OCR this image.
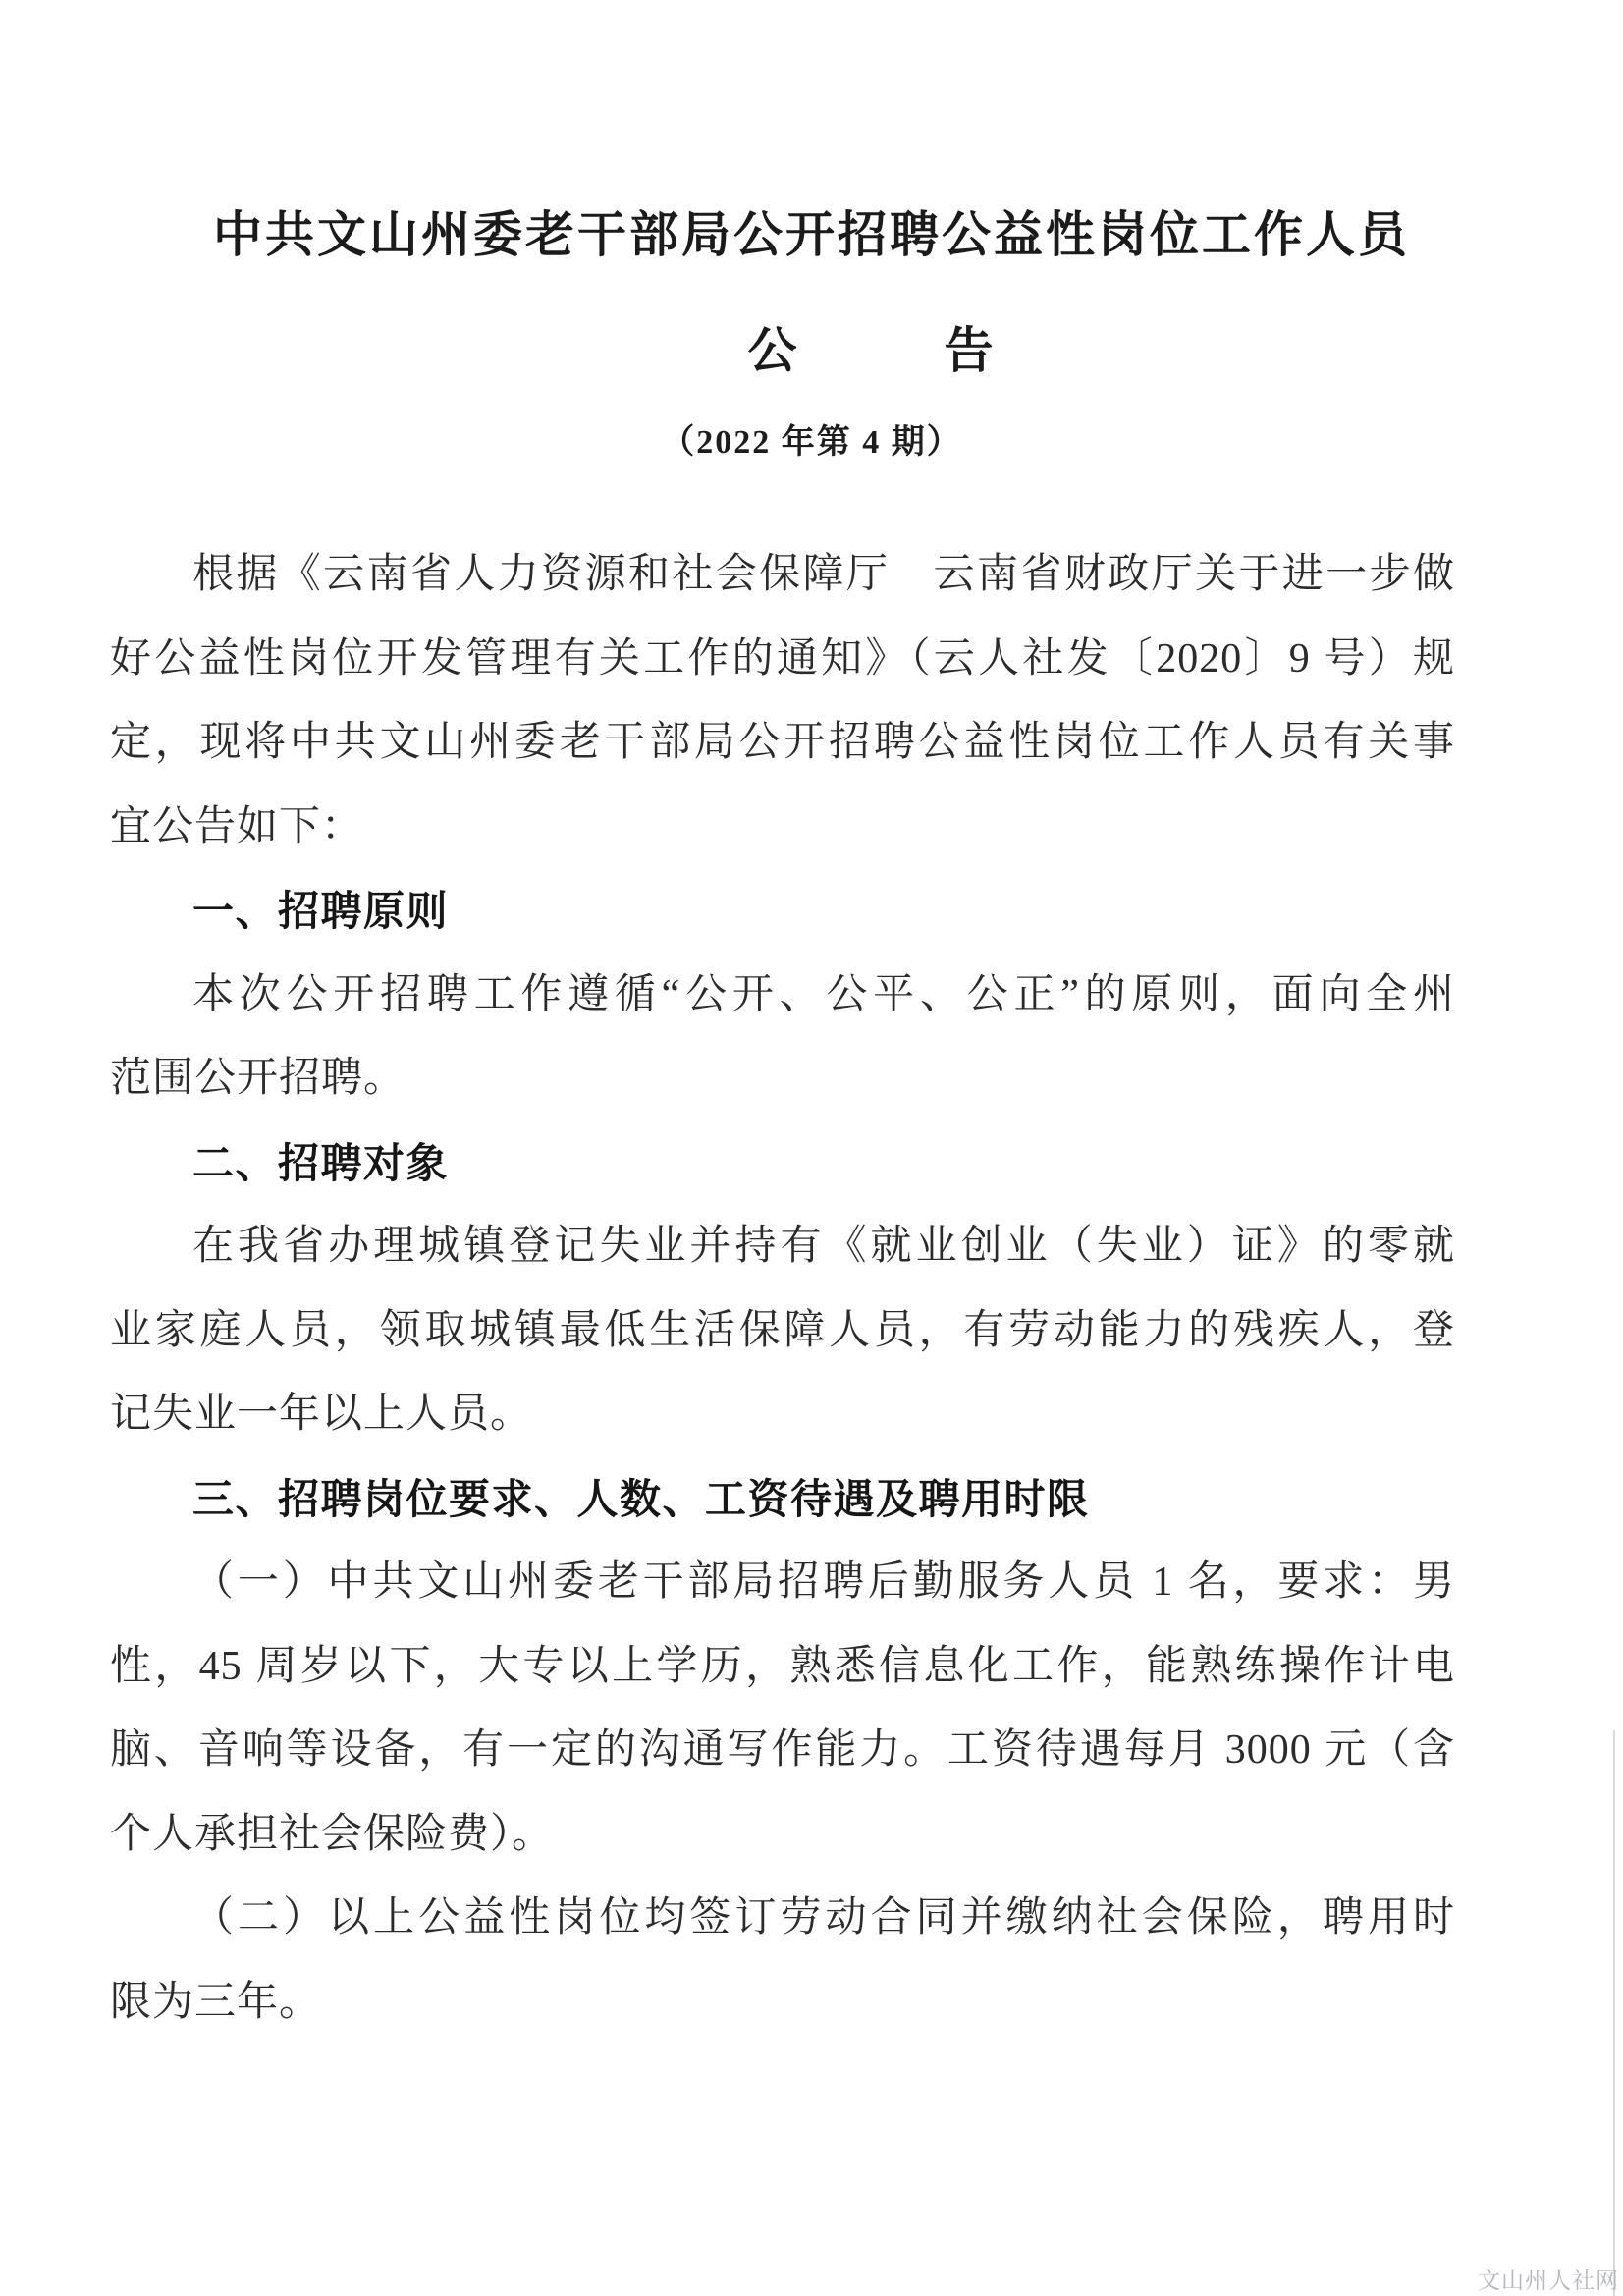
中共文山州委老干部局公开招聘公益性岗位工作人员
公	告
（2022 年第 4 期）
根据《云南省人力资源和社会保障厅　云南省财政厅关于进一步做
好公益性岗位开发管理有关工作的通知》（云人社发〔2020〕9 号）规
定，现将中共文山州委老干部局公开招聘公益性岗位工作人员有关事
宜公告如下：
一、招聘原则
本次公开招聘工作遵循“公开、公平、公正”的原则，面向全州
范围公开招聘。
二、招聘对象
在我省办理城镇登记失业并持有《就业创业（失业）证》的零就
业家庭人员，领取城镇最低生活保障人员，有劳动能力的残疾人，登
记失业一年以上人员。
三、招聘岗位要求、人数、工资待遇及聘用时限
（一）中共文山州委老干部局招聘后勤服务人员 1 名，要求：男
性，45 周岁以下，大专以上学历，熟悉信息化工作，能熟练操作计电
脑、音响等设备，有一定的沟通写作能力。工资待遇每月 3000 元（含
个人承担社会保险费）。
（二）以上公益性岗位均签订劳动合同并缴纳社会保险，聘用时
限为三年。
文山州人社网
